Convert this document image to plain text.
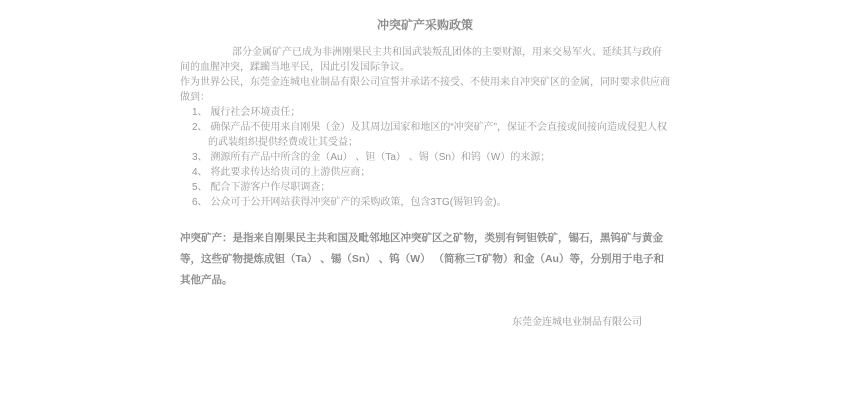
冲突矿产采购政策

部分金属矿产已成为非洲刚果民主共和国武装叛乱团体的主要财源，用来交易军火、延续其与政府间的血腥冲突，蹂躏当地平民，因此引发国际争议。

作为世界公民，东莞金连城电业制品有限公司宣誓并承诺不接受、不使用来自冲突矿区的金属，同时要求供应商做到：

1、 履行社会环境责任；
2、 确保产品不使用来自刚果（金）及其周边国家和地区的“冲突矿产”，保证不会直接或间接向造成侵犯人权的武装组织提供经费或让其受益；
3、 溯源所有产品中所含的金（Au） 、钽（Ta） 、锡（Sn）和钨（W）的来源；
4、 将此要求传达给贵司的上游供应商；
5、 配合下游客户作尽职调查；
6、 公众可于公开网站获得冲突矿产的采购政策，包含3TG(锡钽钨金)。

冲突矿产：是指来自刚果民主共和国及毗邻地区冲突矿区之矿物，类别有钶钽铁矿，锡石，黑钨矿与黄金等，这些矿物提炼成钽（Ta） 、锡（Sn） 、钨（W） （简称三T矿物）和金（Au）等，分别用于电子和其他产品。

东莞金连城电业制品有限公司
